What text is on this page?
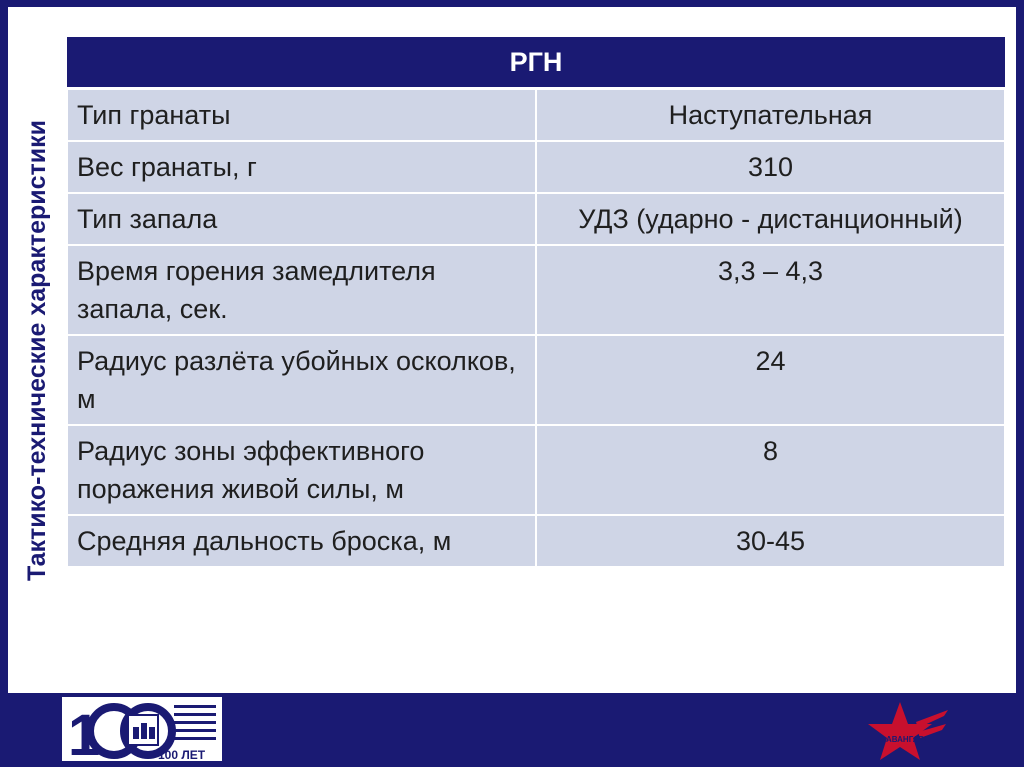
Тактико-технические характеристики
РГН	
Тип гранаты	Наступательная
Вес гранаты, г	310
Тип запала	УДЗ (ударно - дистанционный)
Время горения замедлителя запала, сек.	3,3 – 4,3
Радиус разлёта убойных осколков, м	24
Радиус зоны эффективного поражения живой силы, м	8
Средняя дальность броска, м	30-45
1	100 ЛЕТ
АВАНГАРД
